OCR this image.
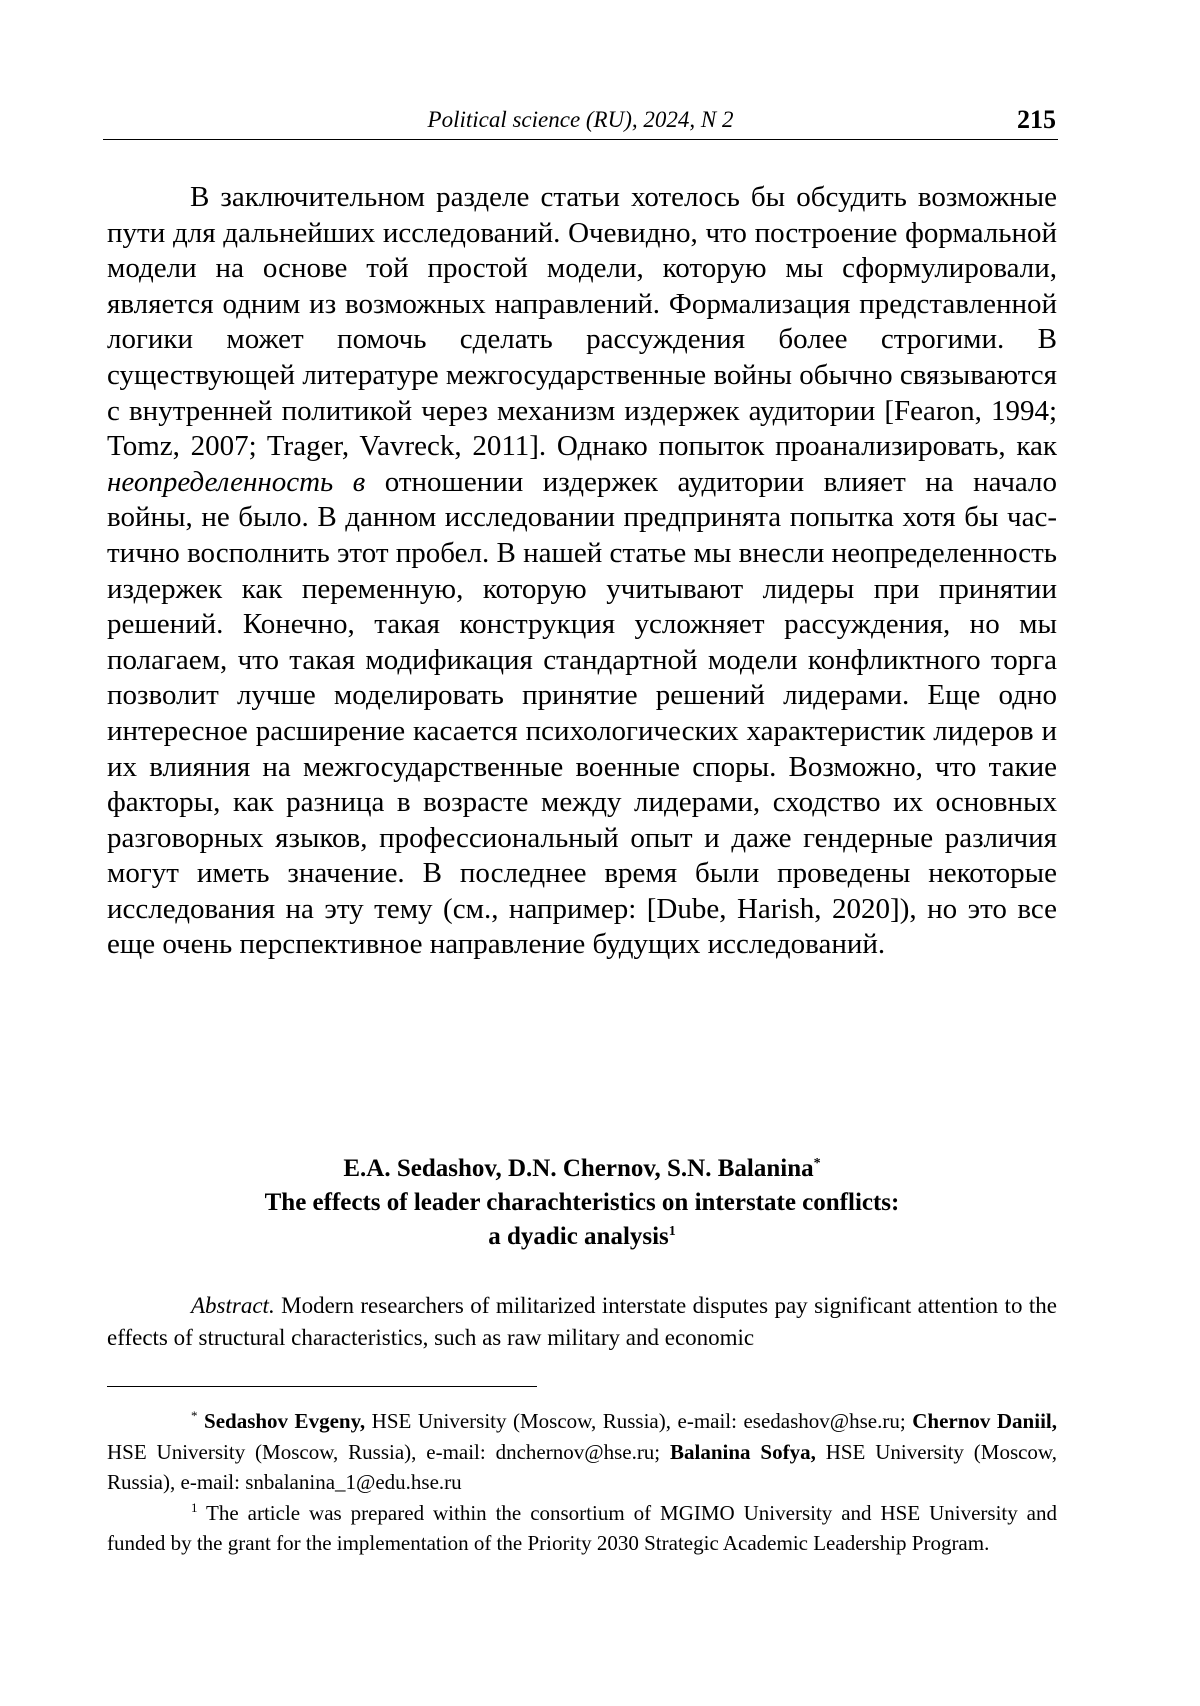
Political science (RU), 2024, N 2	215

В заключительном разделе статьи хотелось бы обсудить воз­можные пути для дальнейших исследований. Очевидно, что построе­ние формальной модели на основе той простой модели, которую мы сформулировали, является одним из возможных направлений. Фор­мализация представленной логики может помочь сделать рассужде­ния более строгими. В существующей литературе межгосударствен­ные войны обычно связываются с внутренней политикой через механизм издержек аудитории [Fearon, 1994; Tomz, 2007; Trager, Vavreck, 2011]. Однако попыток проанализировать, как неопределен­ность в отношении издержек аудитории влияет на начало войны, не было. В данном исследовании предпринята попытка хотя бы час­тично восполнить этот пробел. В нашей статье мы внесли неопре­деленность издержек как переменную, которую учитывают лидеры при принятии решений. Конечно, такая конструкция усложняет рассуждения, но мы полагаем, что такая модификация стандартной модели конфликтного торга позволит лучше моделировать приня­тие решений лидерами. Еще одно интересное расширение касается психологических характеристик лидеров и их влияния на межгосу­дарственные военные споры. Возможно, что такие факторы, как разница в возрасте между лидерами, сходство их основных разго­ворных языков, профессиональный опыт и даже гендерные разли­чия могут иметь значение. В последнее время были проведены не­которые исследования на эту тему (см., например: [Dube, Harish, 2020]), но это все еще очень перспективное направление будущих исследований.

E.A. Sedashov, D.N. Chernov, S.N. Balanina*
The effects of leader charachteristics on interstate conflicts:
a dyadic analysis1

Abstract. Modern researchers of militarized interstate disputes pay significant attention to the effects of structural characteristics, such as raw military and economic

* Sedashov Evgeny, HSE University (Moscow, Russia), e-mail: esedashov@hse.ru; Chernov Daniil, HSE University (Moscow, Russia), e-mail: dnchernov@hse.ru; Balanina Sofya, HSE University (Moscow, Russia), e-mail: snbalanina_1@edu.hse.ru

1 The article was prepared within the consortium of MGIMO University and HSE University and funded by the grant for the implementation of the Priority 2030 Strategic Academic Leadership Program.
